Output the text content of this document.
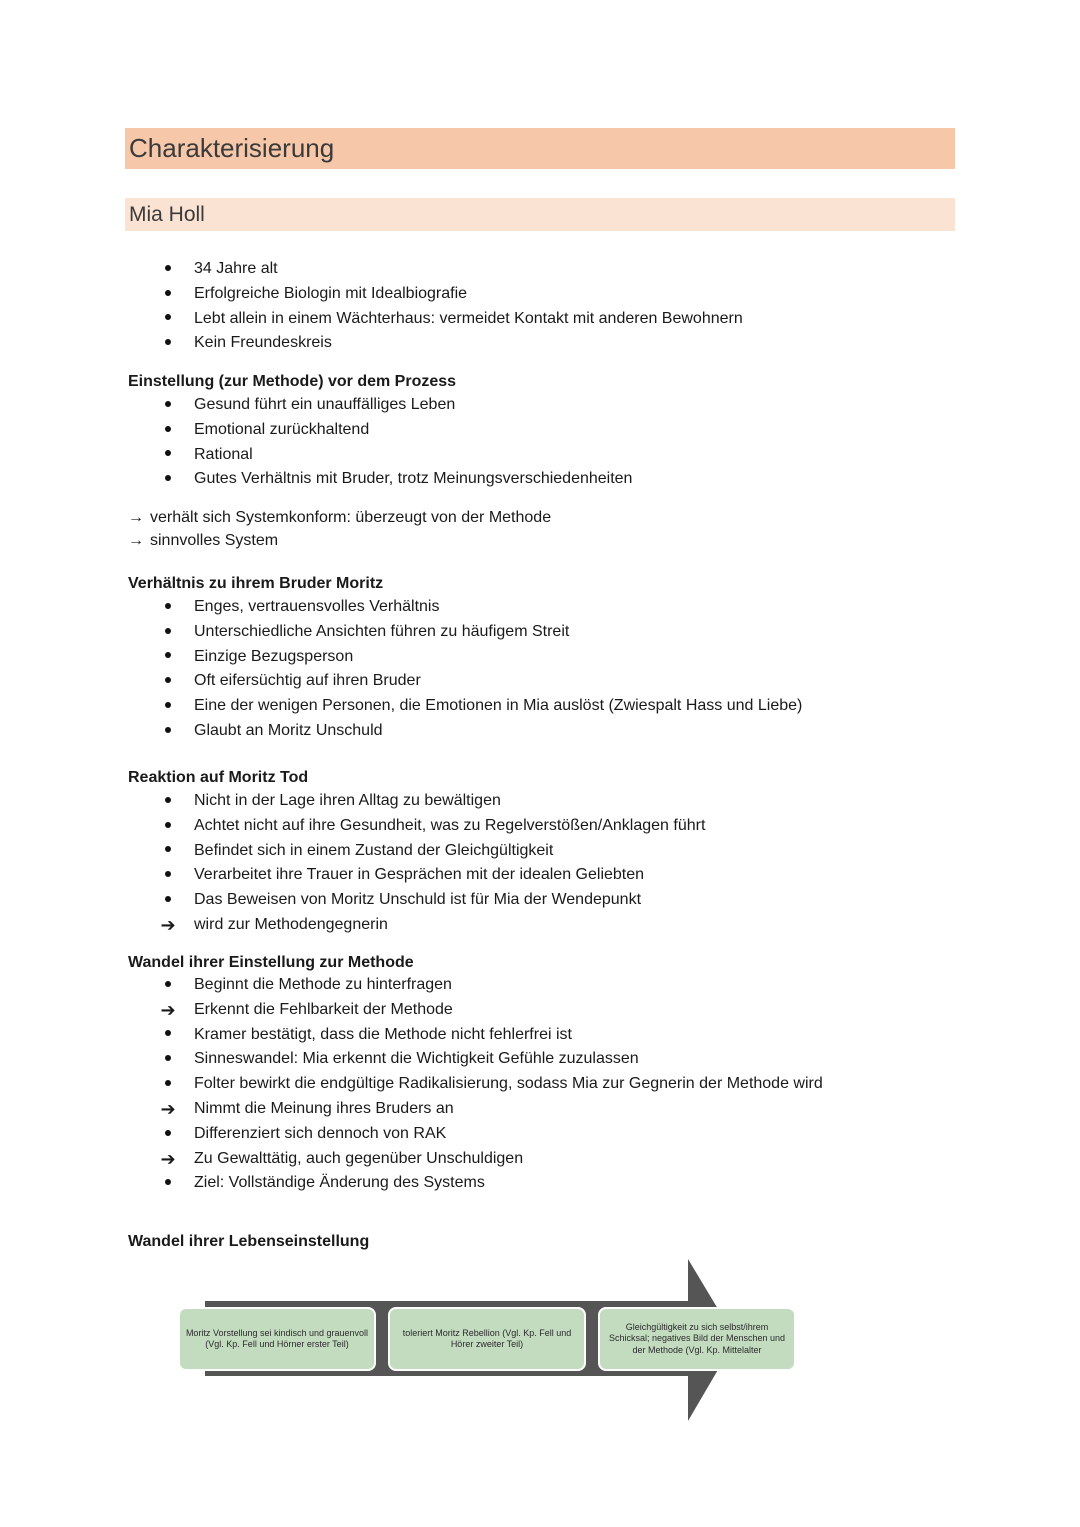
Charakterisierung
Mia Holl
34 Jahre alt
Erfolgreiche Biologin mit Idealbiografie
Lebt allein in einem Wächterhaus: vermeidet Kontakt mit anderen Bewohnern
Kein Freundeskreis
Einstellung (zur Methode) vor dem Prozess
Gesund führt ein unauffälliges Leben
Emotional zurückhaltend
Rational
Gutes Verhältnis mit Bruder, trotz Meinungsverschiedenheiten
→ verhält sich Systemkonform: überzeugt von der Methode
→ sinnvolles System
Verhältnis zu ihrem Bruder Moritz
Enges, vertrauensvolles Verhältnis
Unterschiedliche Ansichten führen zu häufigem Streit
Einzige Bezugsperson
Oft eifersüchtig auf ihren Bruder
Eine der wenigen Personen, die Emotionen in Mia auslöst (Zwiespalt Hass und Liebe)
Glaubt an Moritz Unschuld
Reaktion auf Moritz Tod
Nicht in der Lage ihren Alltag zu bewältigen
Achtet nicht auf ihre Gesundheit, was zu Regelverstößen/Anklagen führt
Befindet sich in einem Zustand der Gleichgültigkeit
Verarbeitet ihre Trauer in Gesprächen mit der idealen Geliebten
Das Beweisen von Moritz Unschuld ist für Mia der Wendepunkt
➔ wird zur Methodengegnerin
Wandel ihrer Einstellung zur Methode
Beginnt die Methode zu hinterfragen
➔ Erkennt die Fehlbarkeit der Methode
Kramer bestätigt, dass die Methode nicht fehlerfrei ist
Sinneswandel: Mia erkennt die Wichtigkeit Gefühle zuzulassen
Folter bewirkt die endgültige Radikalisierung, sodass Mia zur Gegnerin der Methode wird
➔ Nimmt die Meinung ihres Bruders an
Differenziert sich dennoch von RAK
➔ Zu Gewalttätig, auch gegenüber Unschuldigen
Ziel: Vollständige Änderung des Systems
Wandel ihrer Lebenseinstellung
Moritz Vorstellung sei kindisch und grauenvoll (Vgl. Kp. Fell und Hörner erster Teil)
toleriert Moritz Rebellion (Vgl. Kp. Fell und Hörer zweiter Teil)
Gleichgültigkeit zu sich selbst/ihrem Schicksal; negatives Bild der Menschen und der Methode (Vgl. Kp. Mittelalter
